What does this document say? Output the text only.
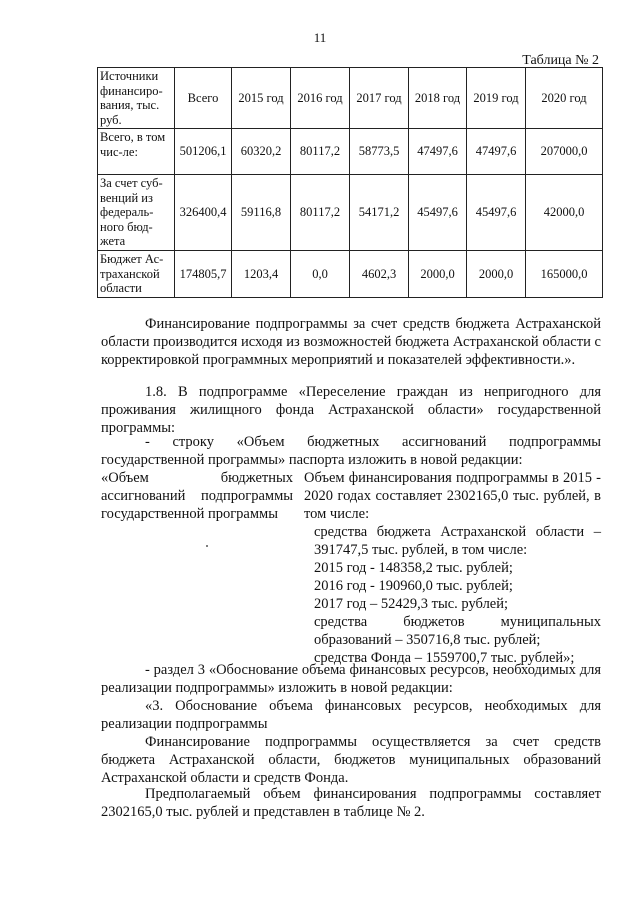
11
Таблица № 2
Источники финансиро-вания, тыс. руб.	Всего	2015 год	2016 год	2017 год	2018 год	2019 год	2020 год
Всего, в том чис-ле:	501206,1	60320,2	80117,2	58773,5	47497,6	47497,6	207000,0
За счет суб-венций из федераль-ного бюд-жета	326400,4	59116,8	80117,2	54171,2	45497,6	45497,6	42000,0
Бюджет Ас-траханской области	174805,7	1203,4	0,0	4602,3	2000,0	2000,0	165000,0
Финансирование подпрограммы за счет средств бюджета Астраханской области производится исходя из возможностей бюджета Астраханской области с корректировкой программных мероприятий и показателей эффективности.».
1.8. В подпрограмме «Переселение граждан из непригодного для проживания жилищного фонда Астраханской области» государственной программы:
- строку «Объем бюджетных ассигнований подпрограммы государственной программы» паспорта изложить в новой редакции:
«Объем бюджетных ассигнований подпрограммы государственной программы
Объем финансирования подпрограммы в 2015 - 2020 годах составляет 2302165,0 тыс. рублей, в том числе:
средства бюджета Астраханской области – 391747,5 тыс. рублей, в том числе:
2015 год - 148358,2 тыс. рублей;
2016 год - 190960,0 тыс. рублей;
2017 год – 52429,3 тыс. рублей;
средства бюджетов муниципальных образований – 350716,8 тыс. рублей;
средства Фонда – 1559700,7 тыс. рублей»;
- раздел 3 «Обоснование объема финансовых ресурсов, необходимых для реализации подпрограммы» изложить в новой редакции:
«3. Обоснование объема финансовых ресурсов, необходимых для реализации подпрограммы
Финансирование подпрограммы осуществляется за счет средств бюджета Астраханской области, бюджетов муниципальных образований Астраханской области и средств Фонда.
Предполагаемый объем финансирования подпрограммы составляет 2302165,0 тыс. рублей и представлен в таблице № 2.
